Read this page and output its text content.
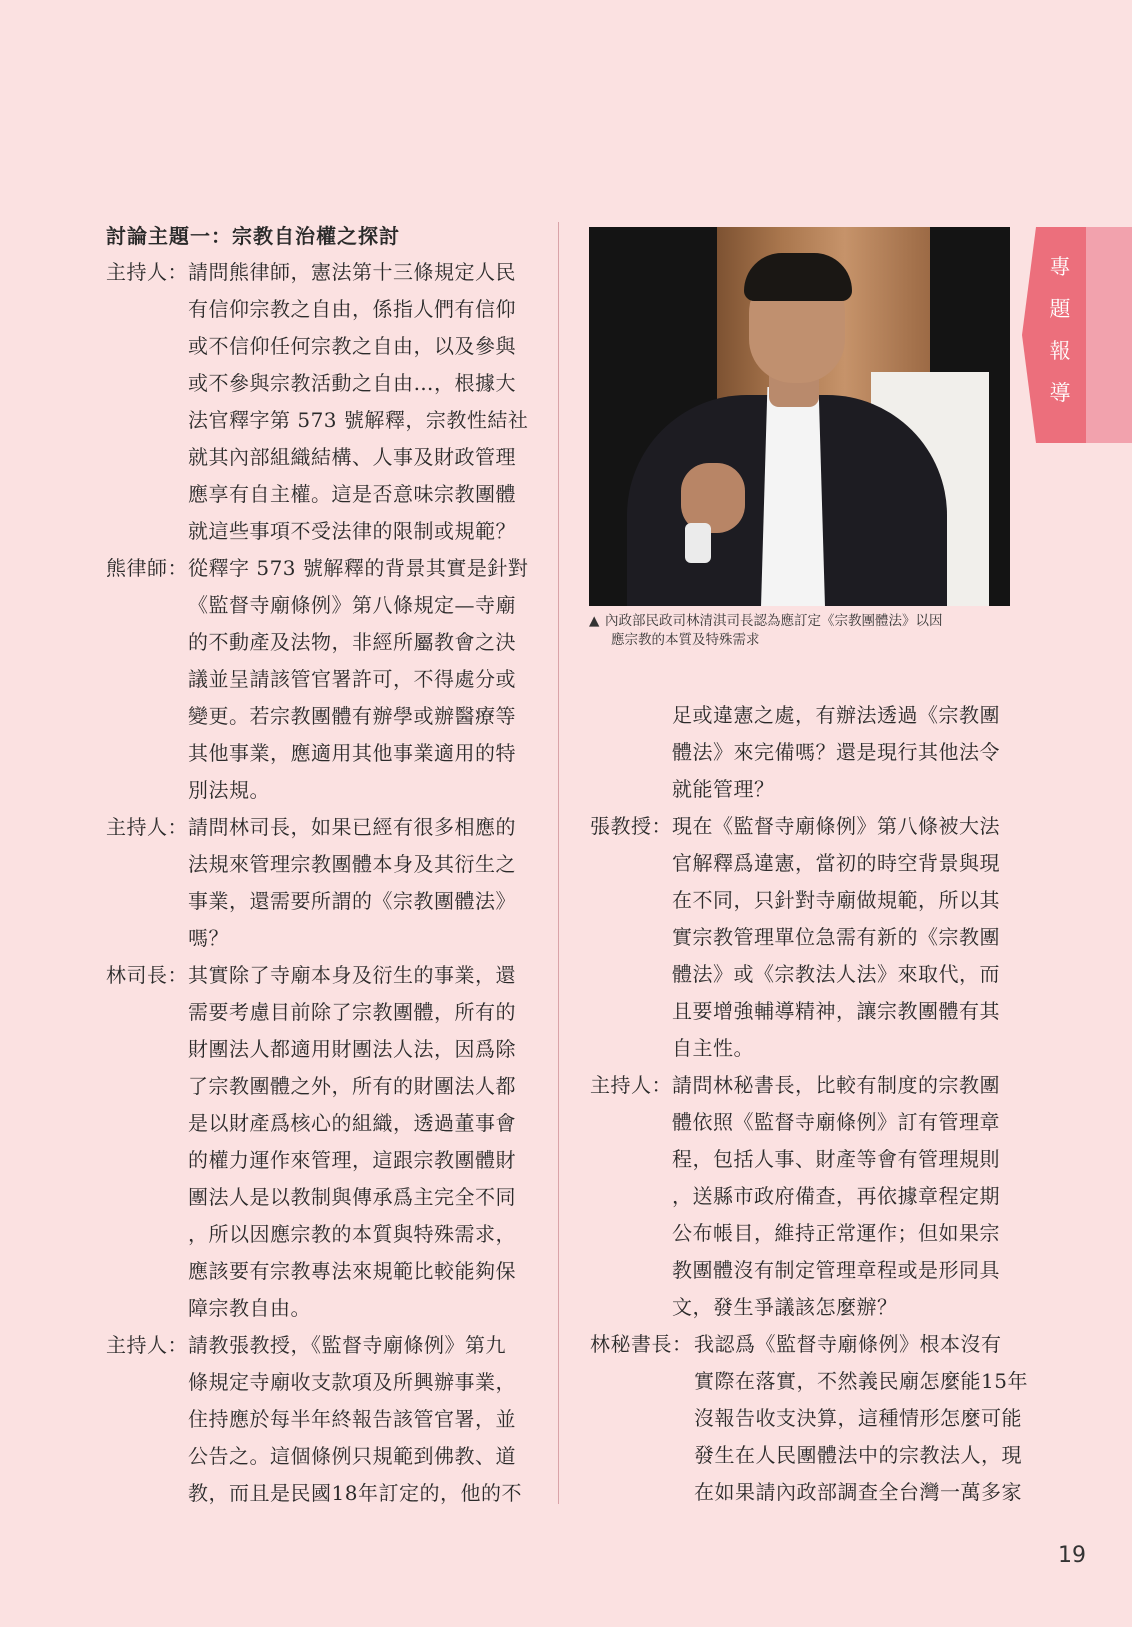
討論主題一：宗教自治權之探討
主持人： 請問熊律師，憲法第十三條規定人民
有信仰宗教之自由，係指人們有信仰
或不信仰任何宗教之自由，以及參與
或不參與宗教活動之自由…，根據大
法官釋字第 573 號解釋，宗教性結社
就其內部組織結構、人事及財政管理
應享有自主權。這是否意味宗教團體
就這些事項不受法律的限制或規範？
熊律師： 從釋字 573 號解釋的背景其實是針對
《監督寺廟條例》第八條規定—寺廟
的不動產及法物，非經所屬教會之決
議並呈請該管官署許可，不得處分或
變更。若宗教團體有辦學或辦醫療等
其他事業，應適用其他事業適用的特
別法規。
主持人： 請問林司長，如果已經有很多相應的
法規來管理宗教團體本身及其衍生之
事業，還需要所謂的《宗教團體法》
嗎？
林司長： 其實除了寺廟本身及衍生的事業，還
需要考慮目前除了宗教團體，所有的
財團法人都適用財團法人法，因爲除
了宗教團體之外，所有的財團法人都
是以財產爲核心的組織，透過董事會
的權力運作來管理，這跟宗教團體財
團法人是以教制與傳承爲主完全不同
，所以因應宗教的本質與特殊需求，
應該要有宗教專法來規範比較能夠保
障宗教自由。
主持人： 請教張教授，《監督寺廟條例》第九
條規定寺廟收支款項及所興辦事業，
住持應於每半年終報告該管官署，並
公告之。這個條例只規範到佛教、道
教，而且是民國18年訂定的，他的不
▲ 內政部民政司林清淇司長認為應訂定《宗教團體法》以因
應宗教的本質及特殊需求
足或違憲之處，有辦法透過《宗教團
體法》來完備嗎？還是現行其他法令
就能管理？
張教授： 現在《監督寺廟條例》第八條被大法
官解釋爲違憲，當初的時空背景與現
在不同，只針對寺廟做規範，所以其
實宗教管理單位急需有新的《宗教團
體法》或《宗教法人法》來取代，而
且要增強輔導精神，讓宗教團體有其
自主性。
主持人： 請問林秘書長，比較有制度的宗教團
體依照《監督寺廟條例》訂有管理章
程，包括人事、財產等會有管理規則
，送縣市政府備查，再依據章程定期
公布帳目，維持正常運作；但如果宗
教團體沒有制定管理章程或是形同具
文，發生爭議該怎麼辦？
林秘書長： 我認爲《監督寺廟條例》根本沒有
實際在落實，不然義民廟怎麼能15年
沒報告收支決算，這種情形怎麼可能
發生在人民團體法中的宗教法人，現
在如果請內政部調查全台灣一萬多家
專
題
報
導
19
